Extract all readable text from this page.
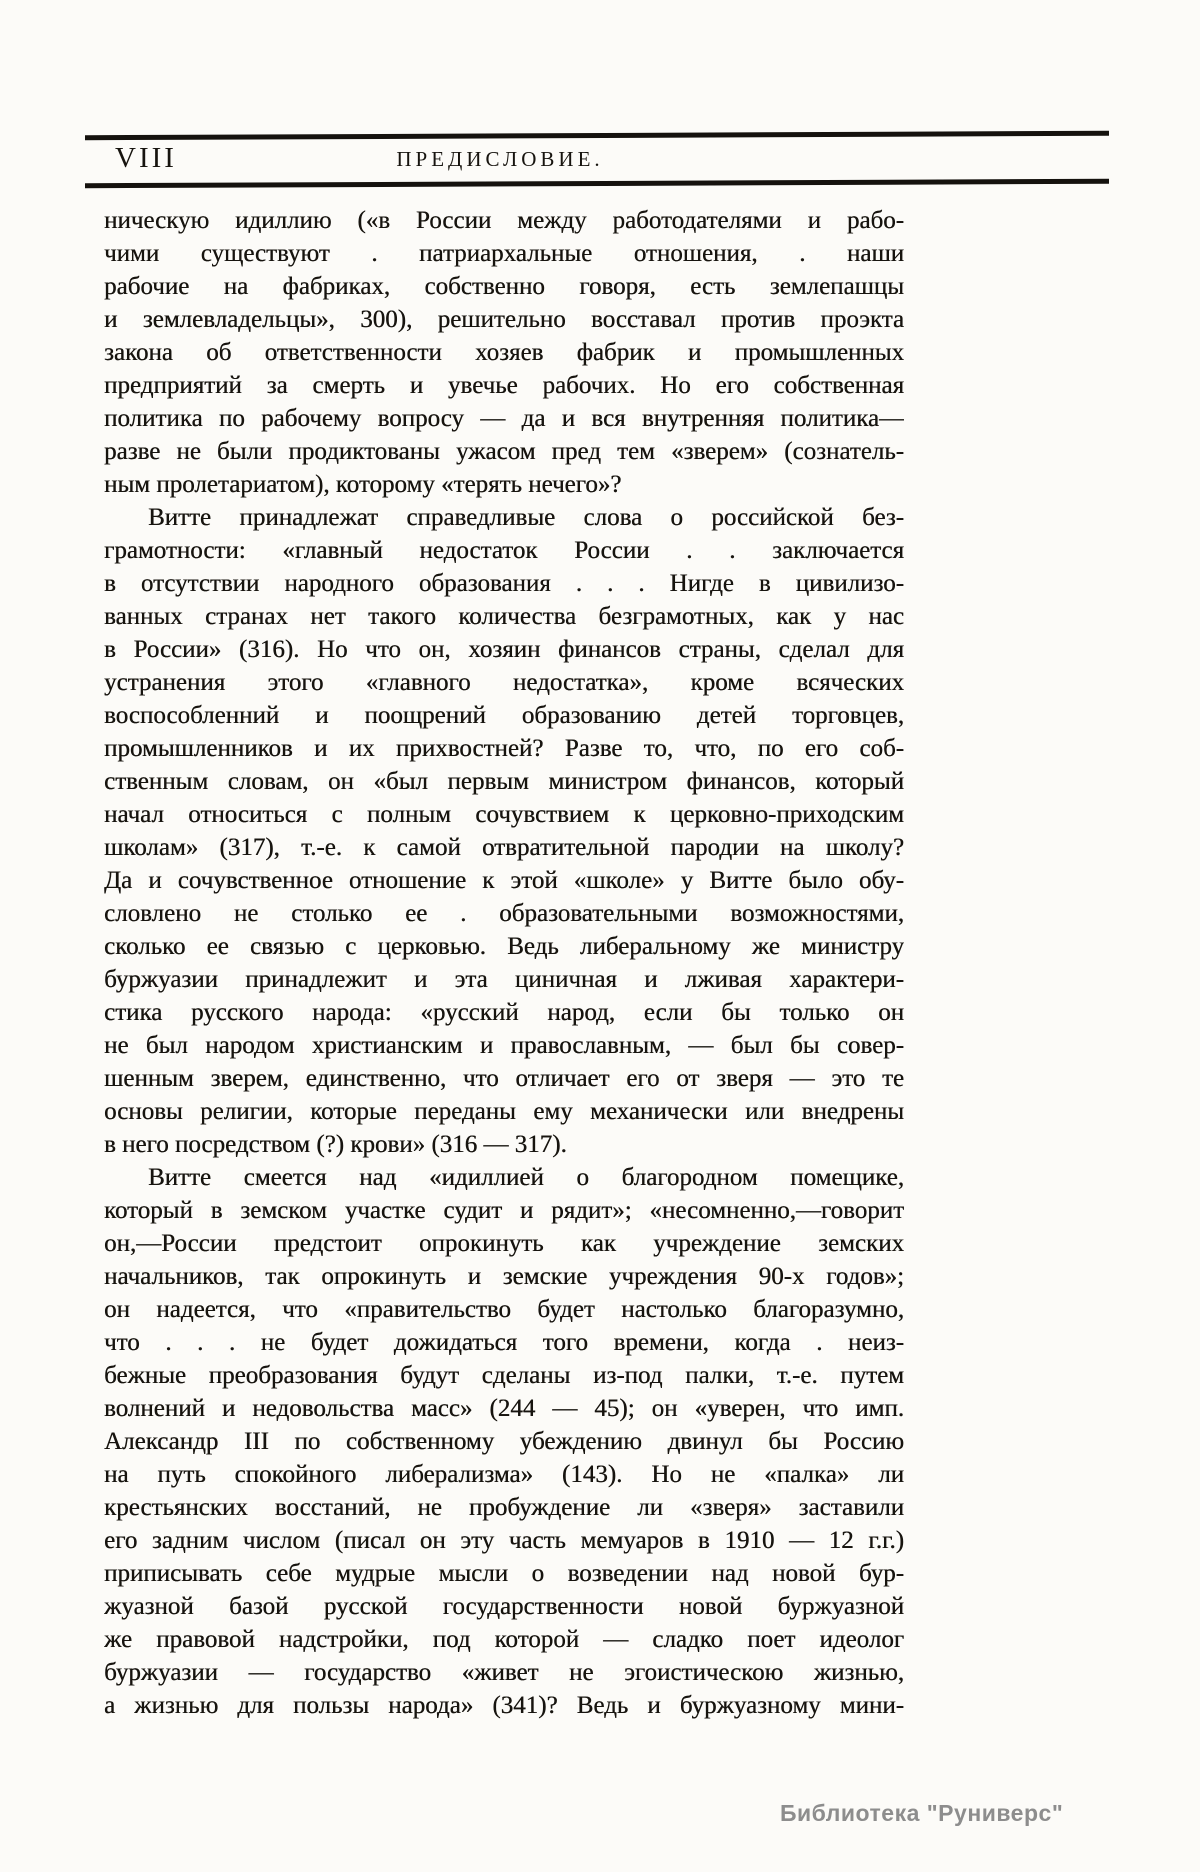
VIII	ПРЕДИСЛОВИЕ.
ническую идиллию («в России между работодателями и рабо-
чими существуют . патриархальные отношения, . наши
рабочие на фабриках, собственно говоря, есть землепашцы
и землевладельцы», 300), решительно восставал против проэкта
закона об ответственности хозяев фабрик и промышленных
предприятий за смерть и увечье рабочих. Но его собственная
политика по рабочему вопросу — да и вся внутренняя политика—
разве не были продиктованы ужасом пред тем «зверем» (сознатель-
ным пролетариатом), которому «терять нечего»?
Витте принадлежат справедливые слова о российской без-
грамотности: «главный недостаток России . . заключается
в отсутствии народного образования . . . Нигде в цивилизо-
ванных странах нет такого количества безграмотных, как у нас
в России» (316). Но что он, хозяин финансов страны, сделал для
устранения этого «главного недостатка», кроме всяческих
воспособленний и поощрений образованию детей торговцев,
промышленников и их прихвостней? Разве то, что, по его соб-
ственным словам, он «был первым министром финансов, который
начал относиться с полным сочувствием к церковно-приходским
школам» (317), т.-е. к самой отвратительной пародии на школу?
Да и сочувственное отношение к этой «школе» у Витте было обу-
словлено не столько ее . образовательными возможностями,
сколько ее связью с церковью. Ведь либеральному же министру
буржуазии принадлежит и эта циничная и лживая характери-
стика русского народа: «русский народ, если бы только он
не был народом христианским и православным, — был бы совер-
шенным зверем, единственно, что отличает его от зверя — это те
основы религии, которые переданы ему механически или внедрены
в него посредством (?) крови» (316 — 317).
Витте смеется над «идиллией о благородном помещике,
который в земском участке судит и рядит»; «несомненно,—говорит
он,—России предстоит опрокинуть как учреждение земских
начальников, так опрокинуть и земские учреждения 90-х годов»;
он надеется, что «правительство будет настолько благоразумно,
что . . . не будет дожидаться того времени, когда . неиз-
бежные преобразования будут сделаны из-под палки, т.-е. путем
волнений и недовольства масс» (244 — 45); он «уверен, что имп.
Александр III по собственному убеждению двинул бы Россию
на путь спокойного либерализма» (143). Но не «палка» ли
крестьянских восстаний, не пробуждение ли «зверя» заставили
его задним числом (писал он эту часть мемуаров в 1910 — 12 г.г.)
приписывать себе мудрые мысли о возведении над новой бур-
жуазной базой русской государственности новой буржуазной
же правовой надстройки, под которой — сладко поет идеолог
буржуазии — государство «живет не эгоистическою жизнью,
а жизнью для пользы народа» (341)? Ведь и буржуазному мини-
Библиотека "Руниверс"
